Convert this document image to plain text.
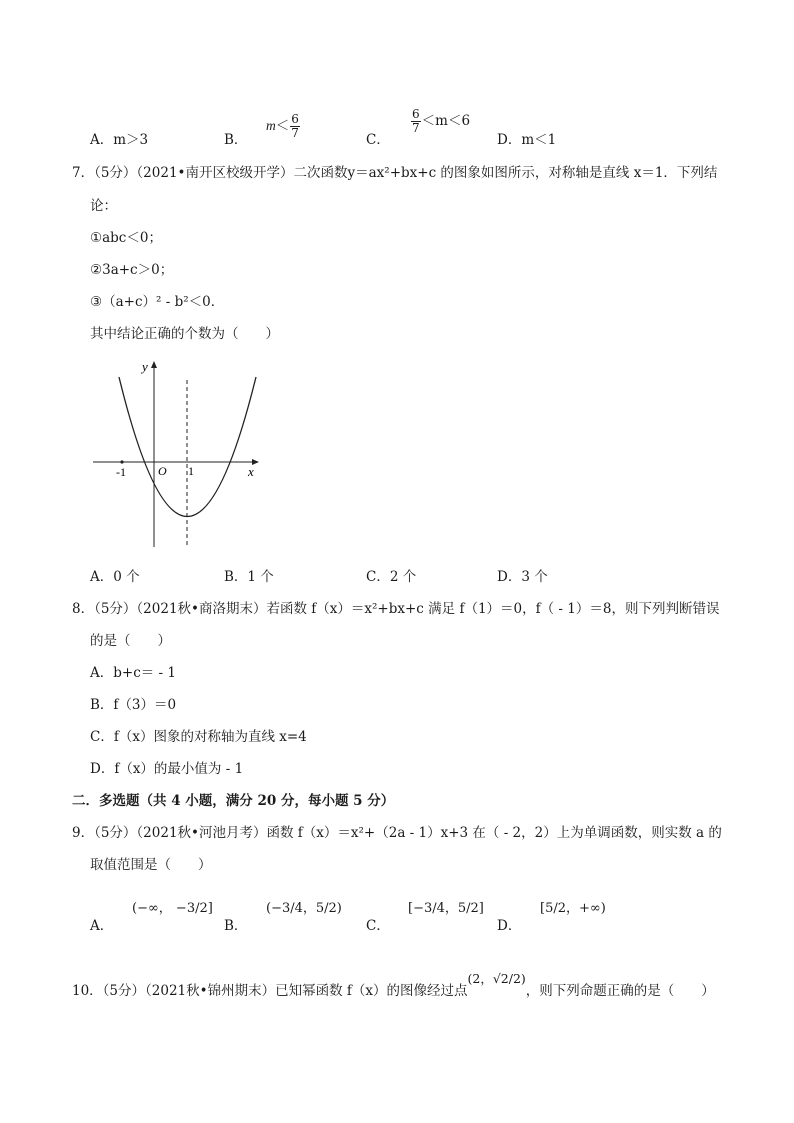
A．m＞3	B．
$m< \frac{6}{7}$	C．
$\frac{6}{7} <m<6$
D．m＜1
7．（5分）（2021•南开区校级开学）二次函数y＝ax²+bx+c 的图象如图所示，对称轴是直线 x＝1．下列结
论：
①abc＜0；
②3a+c＞0；
③（a+c）² - b²＜0．
其中结论正确的个数为（　　）
y
x
O
-1	1
A．0 个	B．1 个	C．2 个	D．3 个
8．（5分）（2021秋•商洛期末）若函数 f（x）＝x²+bx+c 满足 f（1）＝0，f（ - 1）＝8，则下列判断错误
的是（　　）
A．b+c＝ - 1
B．f（3）＝0
C．f（x）图象的对称轴为直线 x=4
D．f（x）的最小值为 - 1
二．多选题（共 4 小题，满分 20 分，每小题 5 分）
9．（5分）（2021秋•河池月考）函数 f（x）＝x²+（2a - 1）x+3 在（ - 2，2）上为单调函数，则实数 a 的
取值范围是（　　）
A．
(−∞， −3/2]
B．
(−3/4，5/2)
C．
[−3/4，5/2]
D．
[5/2，+∞)
10．（5分）（2021秋•锦州期末）已知幂函数 f（x）的图像经过点(2，√2/2)，则下列命题正确的是（　　）
